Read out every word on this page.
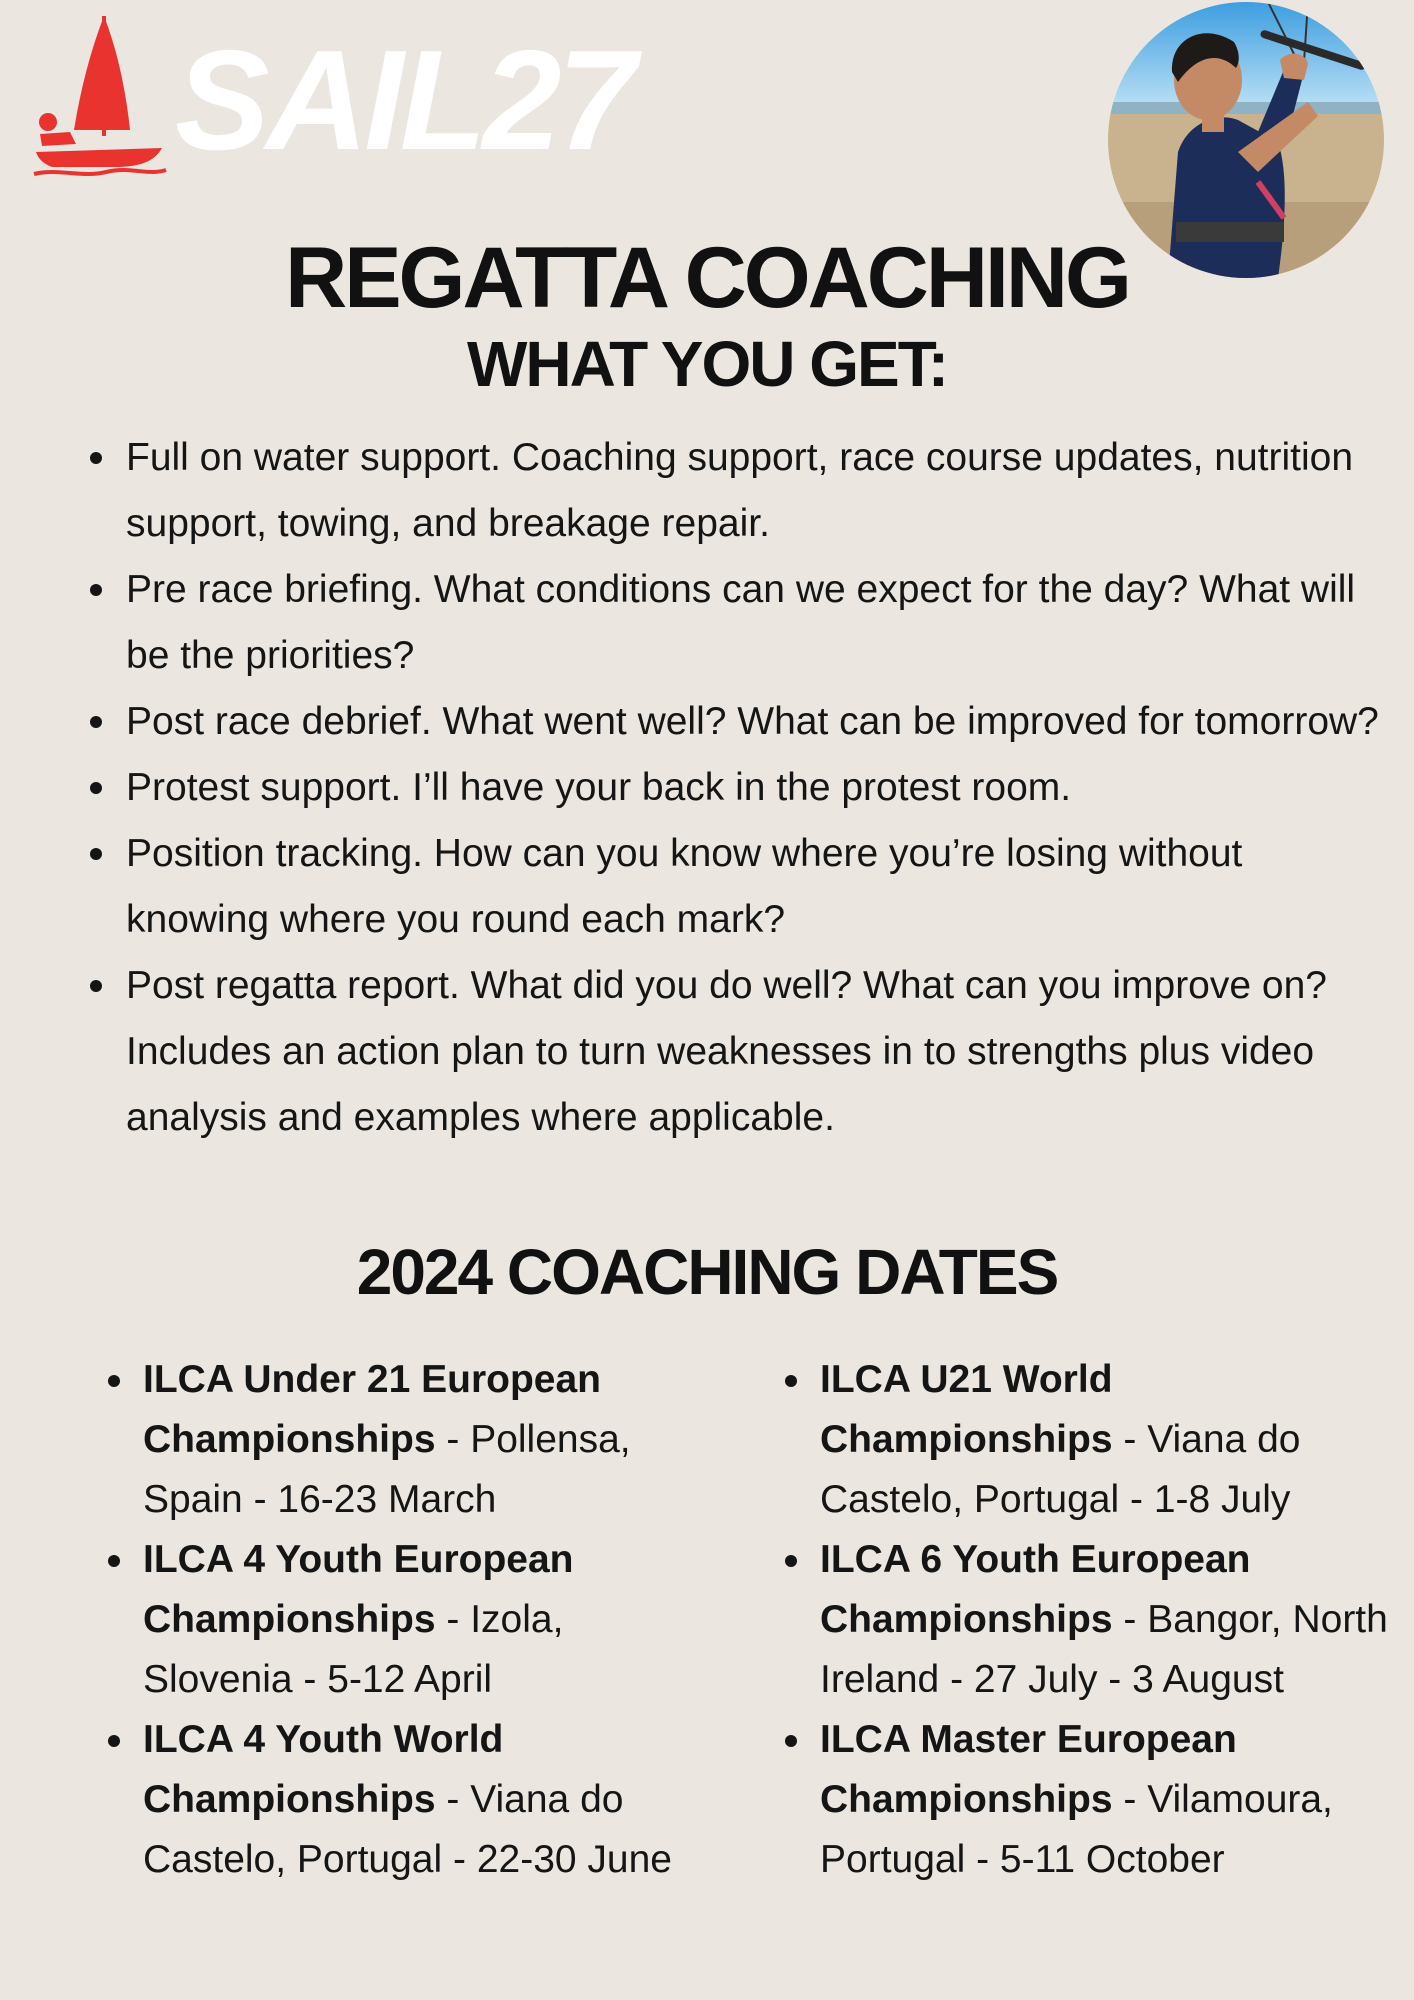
SAIL27
REGATTA COACHING
WHAT YOU GET:
Full on water support. Coaching support, race course updates, nutrition support, towing, and breakage repair.
Pre race briefing. What conditions can we expect for the day? What will be the priorities?
Post race debrief. What went well? What can be improved for tomorrow?
Protest support. I’ll have your back in the protest room.
Position tracking. How can you know where you’re losing without knowing where you round each mark?
Post regatta report. What did you do well? What can you improve on? Includes an action plan to turn weaknesses in to strengths plus video analysis and examples where applicable.
2024 COACHING DATES
ILCA Under 21 European Championships - Pollensa, Spain - 16-23 March
ILCA 4 Youth European Championships - Izola, Slovenia - 5-12 April
ILCA 4 Youth World Championships - Viana do Castelo, Portugal - 22-30 June
ILCA U21 World Championships - Viana do Castelo, Portugal - 1-8 July
ILCA 6 Youth European Championships - Bangor, North Ireland - 27 July - 3 August
ILCA Master European Championships - Vilamoura, Portugal - 5-11 October
